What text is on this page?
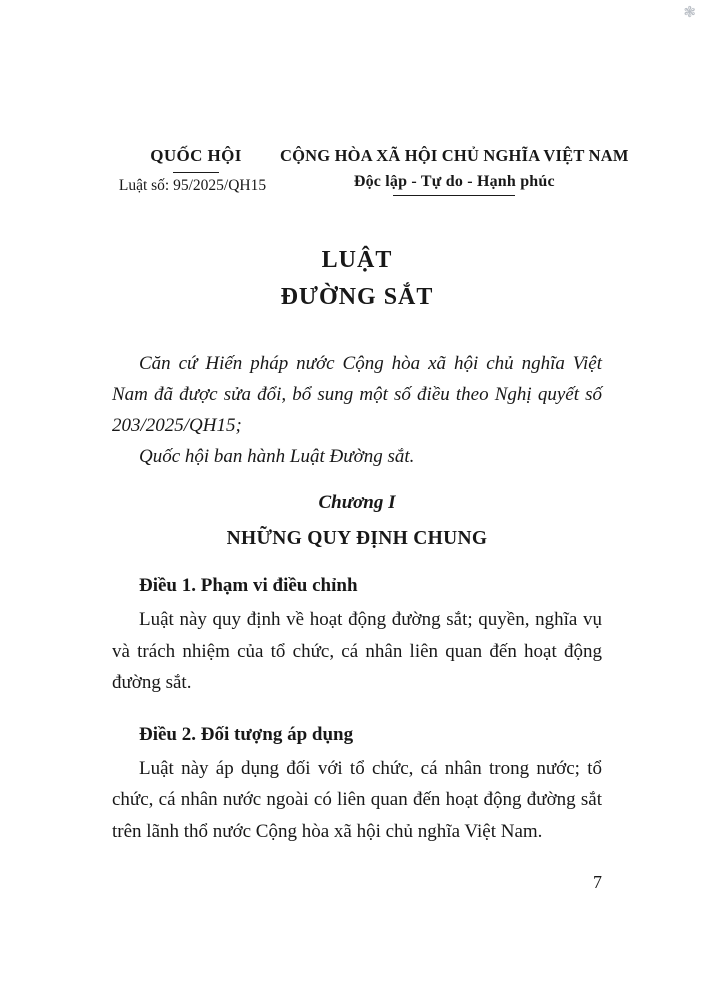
❃
QUỐC HỘI
Luật số: 95/2025/QH15
CỘNG HÒA XÃ HỘI CHỦ NGHĨA VIỆT NAM
Độc lập - Tự do - Hạnh phúc
LUẬT
ĐƯỜNG SẮT

Căn cứ Hiến pháp nước Cộng hòa xã hội chủ nghĩa Việt Nam đã được sửa đổi, bổ sung một số điều theo Nghị quyết số 203/2025/QH15;

Quốc hội ban hành Luật Đường sắt.

Chương I
NHỮNG QUY ĐỊNH CHUNG
Điều 1. Phạm vi điều chỉnh

Luật này quy định về hoạt động đường sắt; quyền, nghĩa vụ và trách nhiệm của tổ chức, cá nhân liên quan đến hoạt động đường sắt.

Điều 2. Đối tượng áp dụng

Luật này áp dụng đối với tổ chức, cá nhân trong nước; tổ chức, cá nhân nước ngoài có liên quan đến hoạt động đường sắt trên lãnh thổ nước Cộng hòa xã hội chủ nghĩa Việt Nam.

7
